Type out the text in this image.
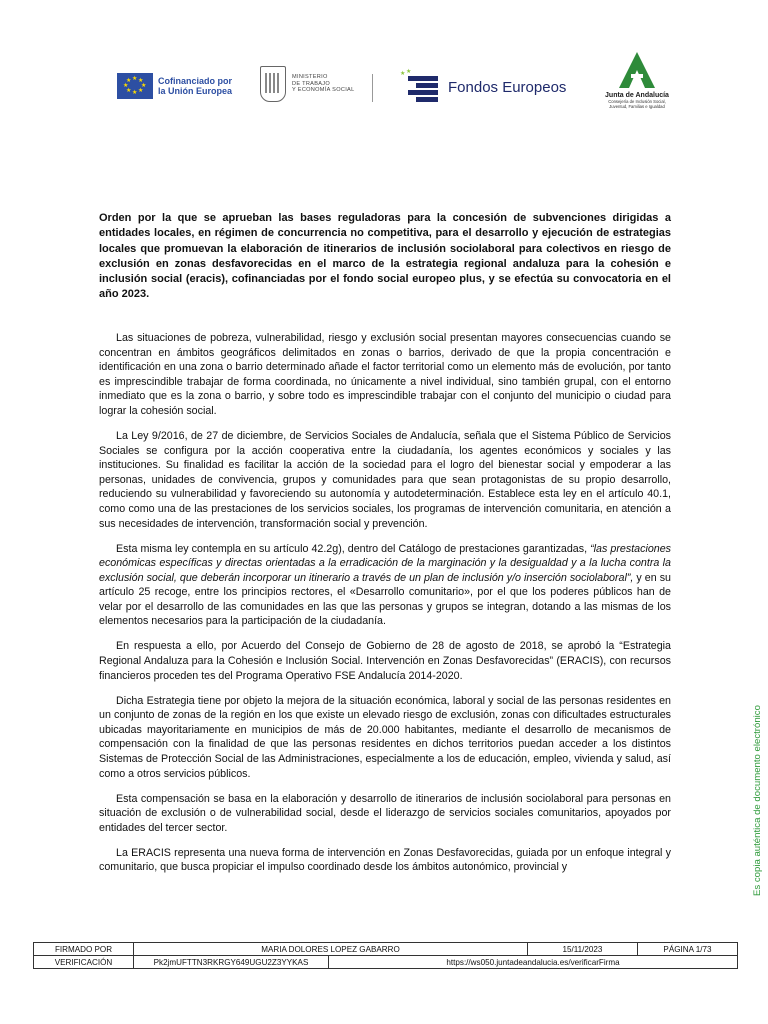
★ ★
★
★
★
★
★
★	Cofinanciado por
la Unión Europea
MINISTERIO
DE TRABAJO
Y ECONOMÍA SOCIAL
★ ★
Fondos Europeos	Junta de Andalucía
Consejería de Inclusión Social,
Juventud, Familias e Igualdad

Orden por la que se aprueban las bases reguladoras para la concesión de subvenciones dirigidas a entidades locales, en régimen de concurrencia no competitiva, para el desarrollo y ejecución de estrategias locales que promuevan la elaboración de itinerarios de inclusión sociolaboral para colectivos en riesgo de exclusión en zonas desfavorecidas en el marco de la estrategia regional andaluza para la cohesión e inclusión social (eracis), cofinanciadas por el fondo social europeo plus, y se efectúa su convocatoria en el año 2023.

Las situaciones de pobreza, vulnerabilidad, riesgo y exclusión social presentan mayores consecuencias cuando se concentran en ámbitos geográficos delimitados en zonas o barrios, derivado de que la propia concentración e identificación en una zona o barrio determinado añade el factor territorial como un elemento más de evolución, por tanto es imprescindible trabajar de forma coordinada, no únicamente a nivel individual, sino también grupal, con el entorno inmediato que es la zona o barrio, y sobre todo es imprescindible trabajar con el conjunto del municipio o ciudad para lograr la cohesión social.

La Ley 9/2016, de 27 de diciembre, de Servicios Sociales de Andalucía, señala que el Sistema Público de Servicios Sociales se configura por la acción cooperativa entre la ciudadanía, los agentes económicos y sociales y las instituciones. Su finalidad es facilitar la acción de la sociedad para el logro del bienestar social y empoderar a las personas, unidades de convivencia, grupos y comunidades para que sean protagonistas de su propio desarrollo, reduciendo su vulnerabilidad y favoreciendo su autonomía y autodeterminación. Establece esta ley en el artículo 40.1, como como una de las prestaciones de los servicios sociales, los programas de intervención comunitaria, en atención a sus necesidades de intervención, transformación social y prevención.

Esta misma ley contempla en su artículo 42.2g), dentro del Catálogo de prestaciones garantizadas, “las prestaciones económicas específicas y directas orientadas a la erradicación de la marginación y la desigualdad y a la lucha contra la exclusión social, que deberán incorporar un itinerario a través de un plan de inclusión y/o inserción sociolaboral”, y en su artículo 25 recoge, entre los principios rectores, el «Desarrollo comunitario», por el que los poderes públicos han de velar por el desarrollo de las comunidades en las que las personas y grupos se integran, dotando a las mismas de los elementos necesarios para la participación de la ciudadanía.

En respuesta a ello, por Acuerdo del Consejo de Gobierno de 28 de agosto de 2018, se aprobó la “Estrategia Regional Andaluza para la Cohesión e Inclusión Social. Intervención en Zonas Desfavorecidas” (ERACIS), con recursos financieros proceden tes del Programa Operativo FSE Andalucía 2014-2020.

Dicha Estrategia tiene por objeto la mejora de la situación económica, laboral y social de las personas residentes en un conjunto de zonas de la región en los que existe un elevado riesgo de exclusión, zonas con dificultades estructurales ubicadas mayoritariamente en municipios de más de 20.000 habitantes, mediante el desarrollo de mecanismos de compensación con la finalidad de que las personas residentes en dichos territorios puedan acceder a los distintos Sistemas de Protección Social de las Administraciones, especialmente a los de educación, empleo, vivienda y salud, así como a otros servicios públicos.

Esta compensación se basa en la elaboración y desarrollo de itinerarios de inclusión sociolaboral para personas en situación de exclusión o de vulnerabilidad social, desde el liderazgo de servicios sociales comunitarios, apoyados por entidades del tercer sector.

La ERACIS representa una nueva forma de intervención en Zonas Desfavorecidas, guiada por un enfoque integral y comunitario, que busca propiciar el impulso coordinado desde los ámbitos autonómico, provincial y	Es copia auténtica de documento electrónico
FIRMADO POR	MARIA DOLORES LOPEZ GABARRO		15/11/2023	PÁGINA 1/73
VERIFICACIÓN	Pk2jmUFTTN3RKRGY649UGU2Z3YYKAS	https://ws050.juntadeandalucia.es/verificarFirma		
